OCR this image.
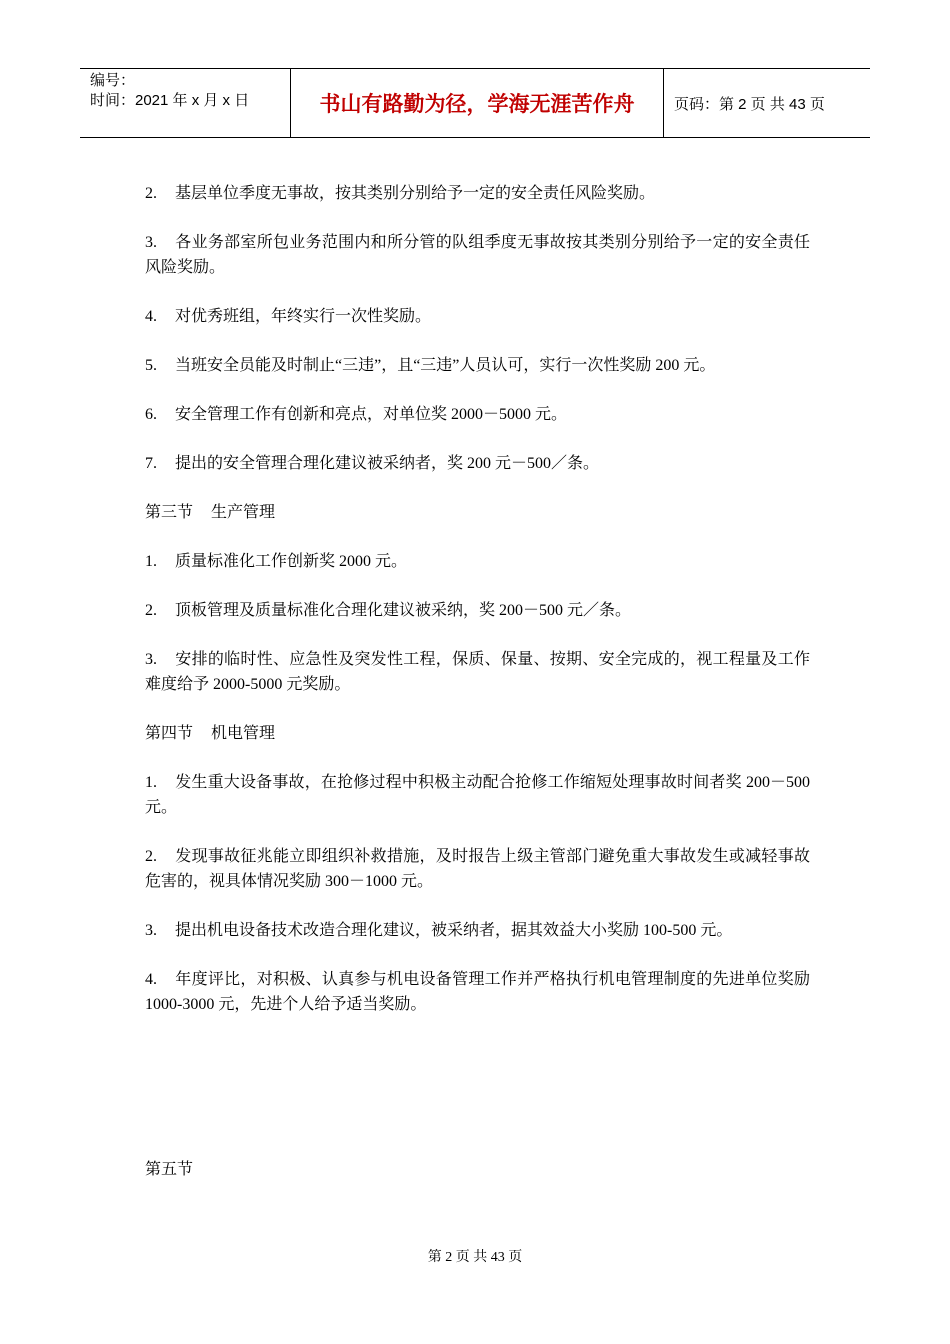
编号：
时间：2021 年 x 月 x 日	书山有路勤为径，学海无涯苦作舟	页码：第 2 页 共 43 页

2. 基层单位季度无事故，按其类别分别给予一定的安全责任风险奖励。

3. 各业务部室所包业务范围内和所分管的队组季度无事故按其类别分别给予一定的安全责任风险奖励。

4. 对优秀班组，年终实行一次性奖励。

5. 当班安全员能及时制止“三违”，且“三违”人员认可，实行一次性奖励 200 元。

6. 安全管理工作有创新和亮点，对单位奖 2000－5000 元。

7. 提出的安全管理合理化建议被采纳者，奖 200 元－500／条。

第三节 生产管理

1. 质量标准化工作创新奖 2000 元。

2. 顶板管理及质量标准化合理化建议被采纳，奖 200－500 元／条。

3. 安排的临时性、应急性及突发性工程，保质、保量、按期、安全完成的，视工程量及工作难度给予 2000-5000 元奖励。

第四节 机电管理

1. 发生重大设备事故，在抢修过程中积极主动配合抢修工作缩短处理事故时间者奖 200－500 元。

2. 发现事故征兆能立即组织补救措施，及时报告上级主管部门避免重大事故发生或减轻事故危害的，视具体情况奖励 300－1000 元。

3. 提出机电设备技术改造合理化建议，被采纳者，据其效益大小奖励 100-500 元。

4. 年度评比，对积极、认真参与机电设备管理工作并严格执行机电管理制度的先进单位奖励 1000-3000 元，先进个人给予适当奖励。

第五节
第 2 页 共 43 页
